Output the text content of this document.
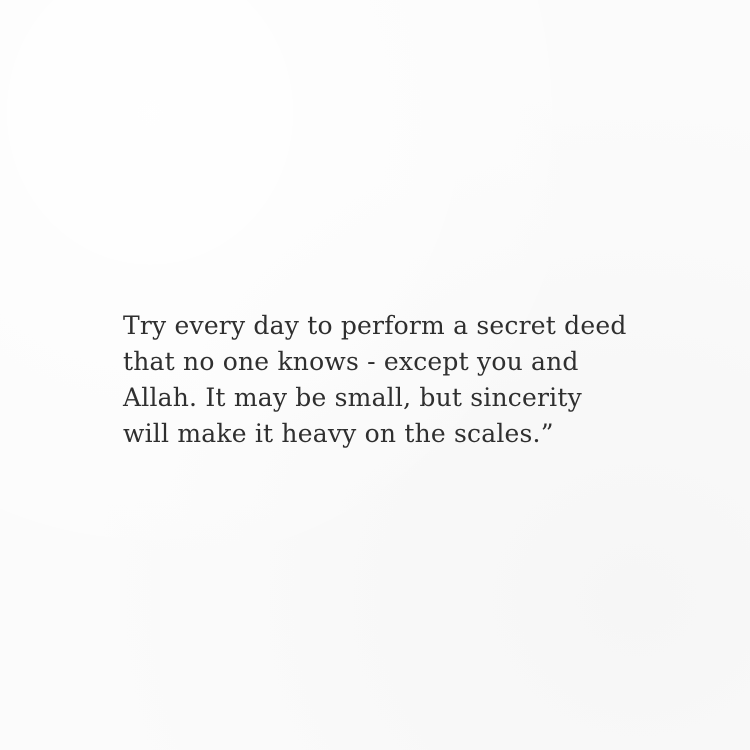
Try every day to perform a secret deed
that no one knows - except you and
Allah. It may be small, but sincerity
will make it heavy on the scales.”
